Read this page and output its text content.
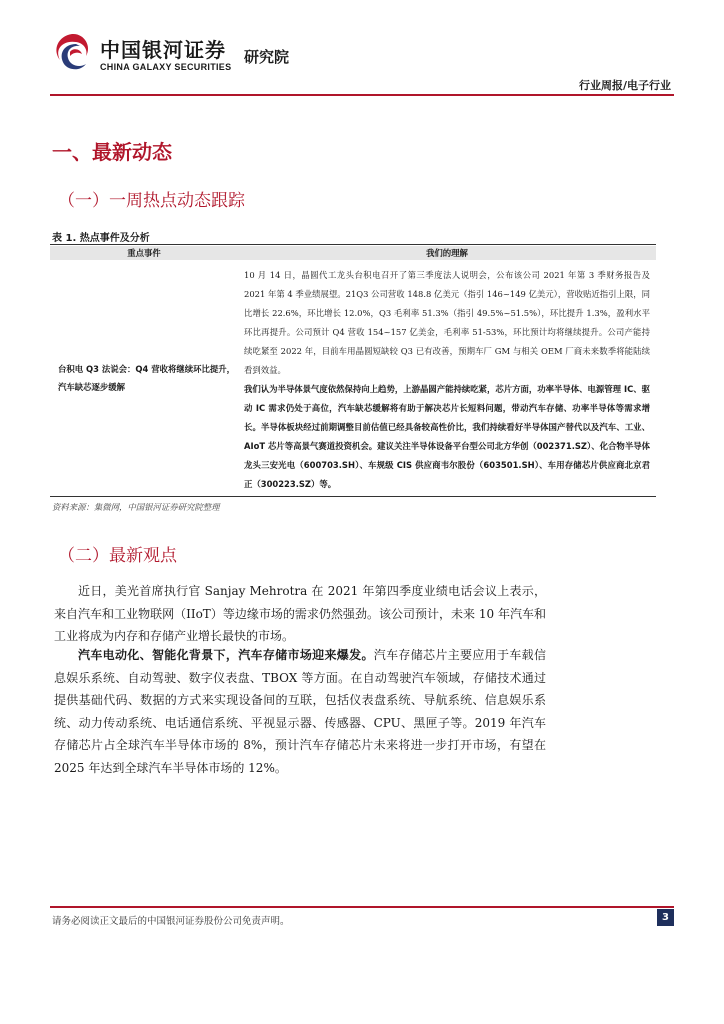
中国银河证券
CHINA GALAXY SECURITIES
研究院
行业周报/电子行业
一、最新动态
（一）一周热点动态跟踪
表 1. 热点事件及分析
重点事件	我们的理解
台积电 Q3 法说会：Q4 营收将继续环比提升，汽车缺芯逐步缓解	10 月 14 日，晶圆代工龙头台积电召开了第三季度法人说明会，公布该公司 2021 年第 3 季财务报告及 2021 年第 4 季业绩展望。21Q3 公司营收 148.8 亿美元（指引 146~149 亿美元），营收贴近指引上限，同比增长 22.6%，环比增长 12.0%，Q3 毛利率 51.3%（指引 49.5%~51.5%），环比提升 1.3%，盈利水平环比再提升。公司预计 Q4 营收 154~157 亿美金，毛利率 51-53%，环比预计均将继续提升。公司产能持续吃紧至 2022 年，目前车用晶圆短缺较 Q3 已有改善，预期车厂 GM 与相关 OEM 厂商未来数季将能陆续看到效益。

我们认为半导体景气度依然保持向上趋势，上游晶圆产能持续吃紧，芯片方面，功率半导体、电源管理 IC、驱动 IC 需求仍处于高位，汽车缺芯缓解将有助于解决芯片长短料问题，带动汽车存储、功率半导体等需求增长。半导体板块经过前期调整目前估值已经具备较高性价比，我们持续看好半导体国产替代以及汽车、工业、AIoT 芯片等高景气赛道投资机会。建议关注半导体设备平台型公司北方华创（002371.SZ）、化合物半导体龙头三安光电（600703.SH）、车规级 CIS 供应商韦尔股份（603501.SH）、车用存储芯片供应商北京君正（300223.SZ）等。

资料来源：集微网，中国银河证券研究院整理
（二）最新观点

近日，美光首席执行官 Sanjay Mehrotra 在 2021 年第四季度业绩电话会议上表示，来自汽车和工业物联网（IIoT）等边缘市场的需求仍然强劲。该公司预计，未来 10 年汽车和工业将成为内存和存储产业增长最快的市场。

汽车电动化、智能化背景下，汽车存储市场迎来爆发。汽车存储芯片主要应用于车载信息娱乐系统、自动驾驶、数字仪表盘、TBOX 等方面。在自动驾驶汽车领域，存储技术通过提供基础代码、数据的方式来实现设备间的互联，包括仪表盘系统、导航系统、信息娱乐系统、动力传动系统、电话通信系统、平视显示器、传感器、CPU、黑匣子等。2019 年汽车存储芯片占全球汽车半导体市场的 8%，预计汽车存储芯片未来将进一步打开市场，有望在 2025 年达到全球汽车半导体市场的 12%。

请务必阅读正文最后的中国银河证券股份公司免责声明。	3
